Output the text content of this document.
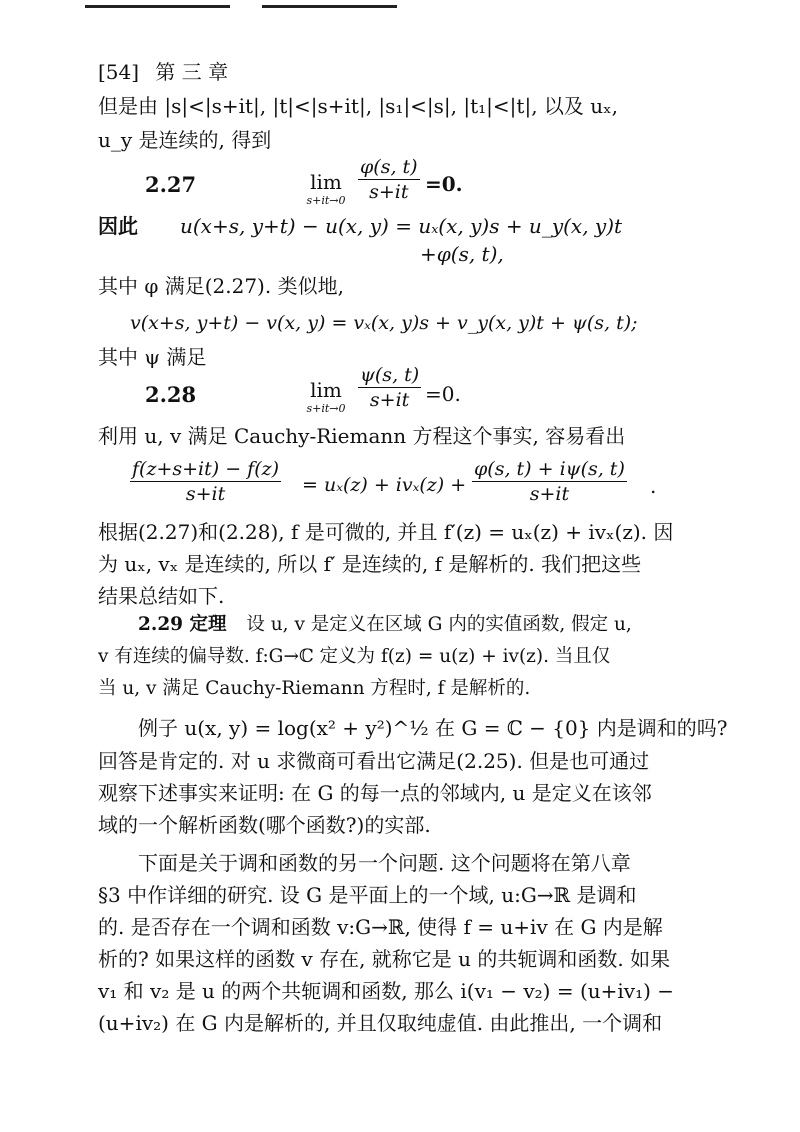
[54] 第 三 章
但是由 |s|<|s+it|, |t|<|s+it|, |s₁|<|s|, |t₁|<|t|, 以及 uₓ,
u_y 是连续的, 得到
2.27	lim
$s+it\to 0 \frac{\varphi(s, t)}{s+it} =0$.
因此 u(x+s, y+t) − u(x, y) = uₓ(x, y)s + u_y(x, y)t
+φ(s, t),
其中 φ 满足(2.27). 类似地,
v(x+s, y+t) − v(x, y) = vₓ(x, y)s + v_y(x, y)t + ψ(s, t);
其中 ψ 满足
2.28	lim
$s+it\to 0 \frac{\psi(s, t)}{s+it} =0$.
利用 u, v 满足 Cauchy-Riemann 方程这个事实, 容易看出
$\frac{f(z+s+it) - f(z)}{s+it} = u_x(z) + iv_x(z) + \frac{\varphi(s, t) + i\psi(s, t)}{s+it}$ .
根据(2.27)和(2.28), f 是可微的, 并且 f′(z) = uₓ(z) + ivₓ(z). 因
为 uₓ, vₓ 是连续的, 所以 f′ 是连续的, f 是解析的. 我们把这些
结果总结如下.
2.29 定理 设 u, v 是定义在区域 G 内的实值函数, 假定 u,
v 有连续的偏导数. f:G→ℂ 定义为 f(z) = u(z) + iv(z). 当且仅
当 u, v 满足 Cauchy-Riemann 方程时, f 是解析的.
例子 u(x, y) = log(x² + y²)^½ 在 G = ℂ − {0} 内是调和的吗?
回答是肯定的. 对 u 求微商可看出它满足(2.25). 但是也可通过
观察下述事实来证明: 在 G 的每一点的邻域内, u 是定义在该邻
域的一个解析函数(哪个函数?)的实部.
下面是关于调和函数的另一个问题. 这个问题将在第八章
§3 中作详细的研究. 设 G 是平面上的一个域, u:G→ℝ 是调和
的. 是否存在一个调和函数 v:G→ℝ, 使得 f = u+iv 在 G 内是解
析的? 如果这样的函数 v 存在, 就称它是 u 的共轭调和函数. 如果
v₁ 和 v₂ 是 u 的两个共轭调和函数, 那么 i(v₁ − v₂) = (u+iv₁) −
(u+iv₂) 在 G 内是解析的, 并且仅取纯虚值. 由此推出, 一个调和
